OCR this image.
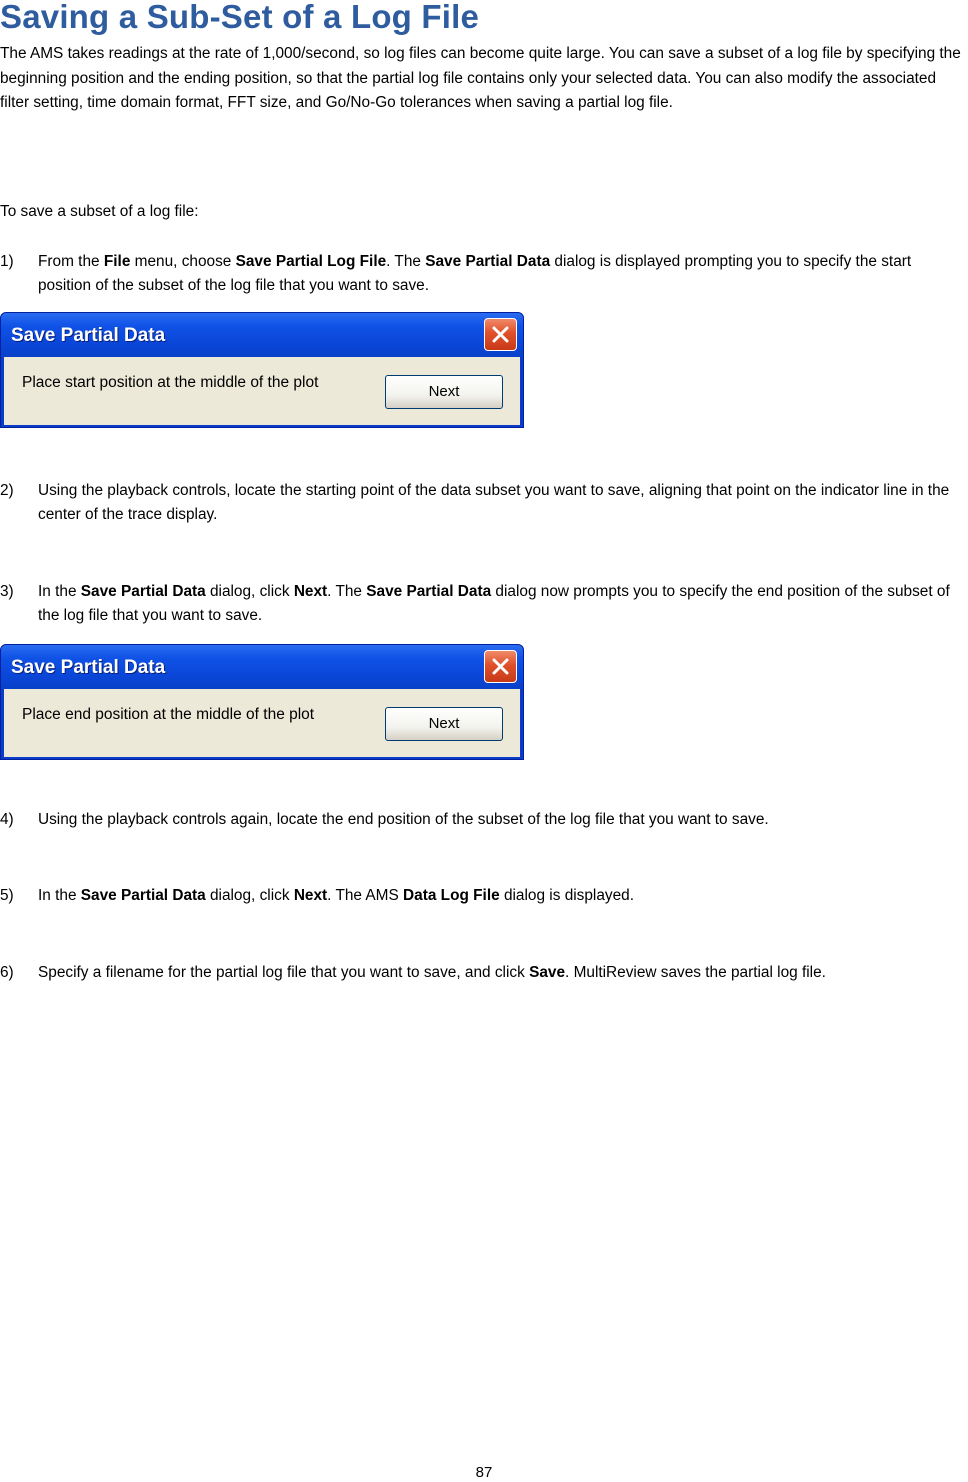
Saving a Sub-Set of a Log File

The AMS takes readings at the rate of 1,000/second, so log files can become quite large. You can save a subset of a log file by specifying the beginning position and the ending position, so that the partial log file contains only your selected data. You can also modify the associated filter setting, time domain format, FFT size, and Go/No-Go tolerances when saving a partial log file.

To save a subset of a log file:

1) From the File menu, choose Save Partial Log File. The Save Partial Data dialog is displayed prompting you to specify the start position of the subset of the log file that you want to save.
Save Partial Data
Place start position at the middle of the plot
Next
2) Using the playback controls, locate the starting point of the data subset you want to save, aligning that point on the indicator line in the center of the trace display.
3) In the Save Partial Data dialog, click Next. The Save Partial Data dialog now prompts you to specify the end position of the subset of the log file that you want to save.
Save Partial Data
Place end position at the middle of the plot
Next
4) Using the playback controls again, locate the end position of the subset of the log file that you want to save.
5) In the Save Partial Data dialog, click Next. The AMS Data Log File dialog is displayed.
6) Specify a filename for the partial log file that you want to save, and click Save. MultiReview saves the partial log file.
87
